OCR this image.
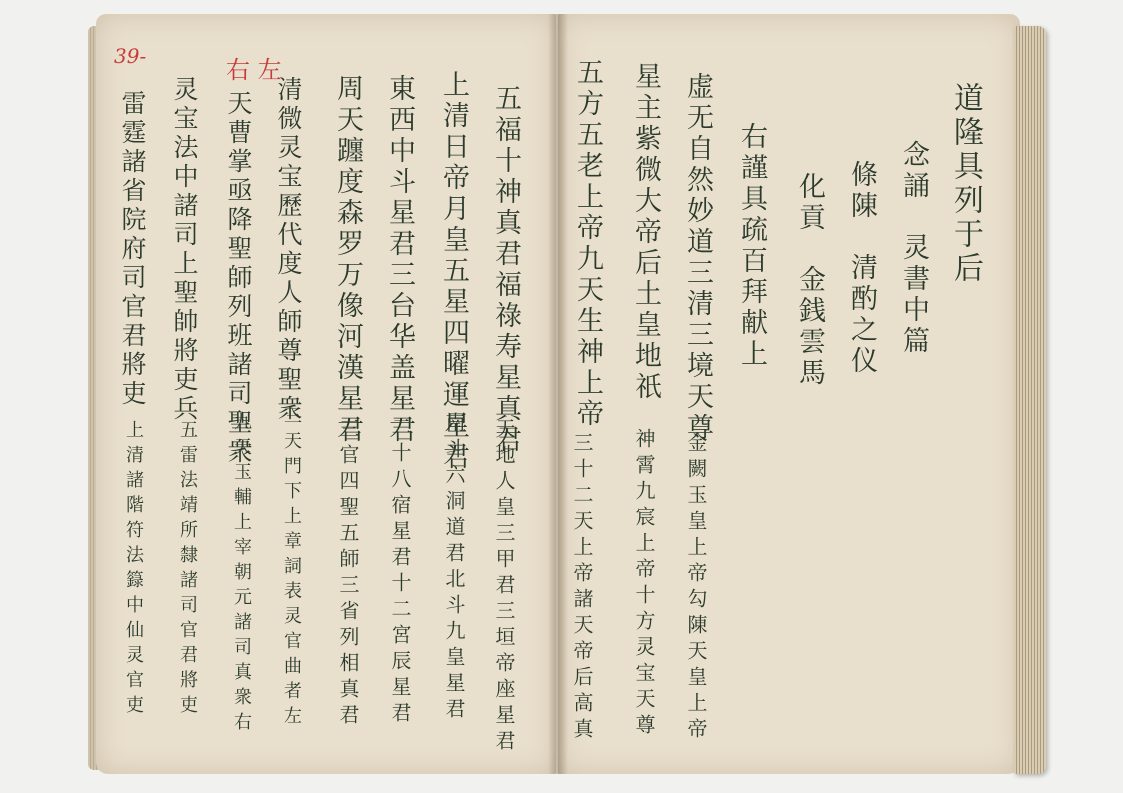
39-	右 左
道隆具列于后
念誦　灵書中篇
條陳　清酌之仪
化貢　金銭雲馬
右謹具疏百拜献上
虚无自然妙道三清三境天尊
金闕玉皇上帝勾陳天皇上帝
星主紫微大帝后土皇地祇
神霄九宸上帝十方灵宝天尊
五方五老上帝九天生神上帝
三十二天上帝諸天帝后高真
五福十神真君福祿寿星真君
天地人皇三甲君三垣帝座星君
上清日帝月皇五星四曜運星君
南斗六洞道君北斗九皇星君
東西中斗星君三台华盖星君
二十八宿星君十二宮辰星君
周天躔度森罗万像河漢星君
三官四聖五師三省列相真君
清微灵宝歷代度人師尊聖衆
三天門下上章詞表灵官曲者左
天曹掌亟降聖師列班諸司聖衆
九天玉輔上宰朝元諸司真衆右
灵宝法中諸司上聖帥將吏兵
五雷法靖所隸諸司官君將吏
雷霆諸省院府司官君將吏
上清諸階符法籙中仙灵官吏
